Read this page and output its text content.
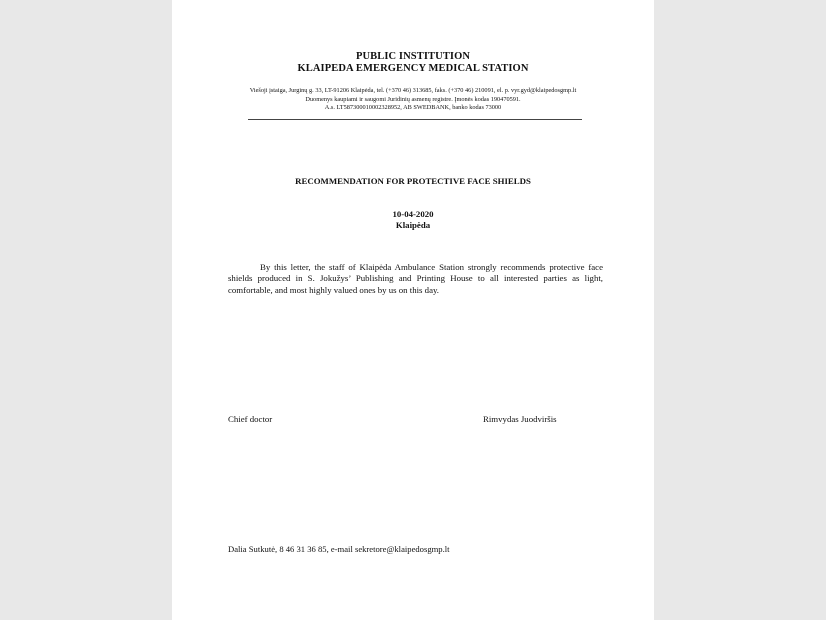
PUBLIC INSTITUTION
KLAIPEDA EMERGENCY MEDICAL STATION
Viešoji įstaiga, Jurginų g. 33, LT-91206 Klaipėda, tel. (+370 46) 313685, faks. (+370 46) 210091, el. p. vyr.gyd@klaipedosgmp.lt
Duomenys kaupiami ir saugomi Juridinių asmenų registre. Įmonės kodas 190470591.
A.s. LT587300010002328952, AB SWEDBANK, banko kodas 73000
RECOMMENDATION FOR PROTECTIVE FACE SHIELDS
10-04-2020
Klaipėda
By this letter, the staff of Klaipėda Ambulance Station strongly recommends protective face shields produced in S. Jokužys’ Publishing and Printing House to all interested parties as light, comfortable, and most highly valued ones by us on this day.
Chief doctor	Rimvydas Juodviršis
Dalia Sutkutė, 8 46 31 36 85, e-mail sekretore@klaipedosgmp.lt
